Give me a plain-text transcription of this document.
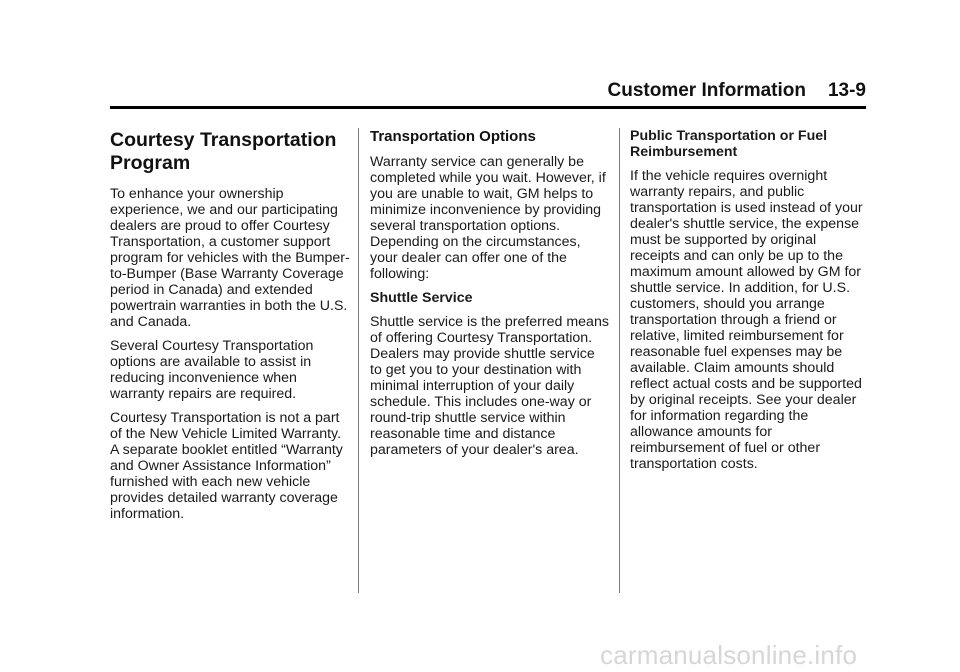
Customer Information 13-9
Courtesy Transportation
Program

To enhance your ownership experience, we and our participating dealers are proud to offer Courtesy Transportation, a customer support program for vehicles with the Bumper-to-Bumper (Base Warranty Coverage period in Canada) and extended powertrain warranties in both the U.S. and Canada.

Several Courtesy Transportation options are available to assist in reducing inconvenience when warranty repairs are required.

Courtesy Transportation is not a part of the New Vehicle Limited Warranty. A separate booklet entitled “Warranty and Owner Assistance Information” furnished with each new vehicle provides detailed warranty coverage information.

Transportation Options

Warranty service can generally be completed while you wait. However, if you are unable to wait, GM helps to minimize inconvenience by providing several transportation options. Depending on the circumstances, your dealer can offer one of the following:

Shuttle Service

Shuttle service is the preferred means of offering Courtesy Transportation. Dealers may provide shuttle service to get you to your destination with minimal interruption of your daily schedule. This includes one-way or round-trip shuttle service within reasonable time and distance parameters of your dealer's area.

Public Transportation or Fuel Reimbursement

If the vehicle requires overnight warranty repairs, and public transportation is used instead of your dealer's shuttle service, the expense must be supported by original receipts and can only be up to the maximum amount allowed by GM for shuttle service. In addition, for U.S. customers, should you arrange transportation through a friend or relative, limited reimbursement for reasonable fuel expenses may be available. Claim amounts should reflect actual costs and be supported by original receipts. See your dealer for information regarding the allowance amounts for reimbursement of fuel or other transportation costs.

carmanualsonline.info
